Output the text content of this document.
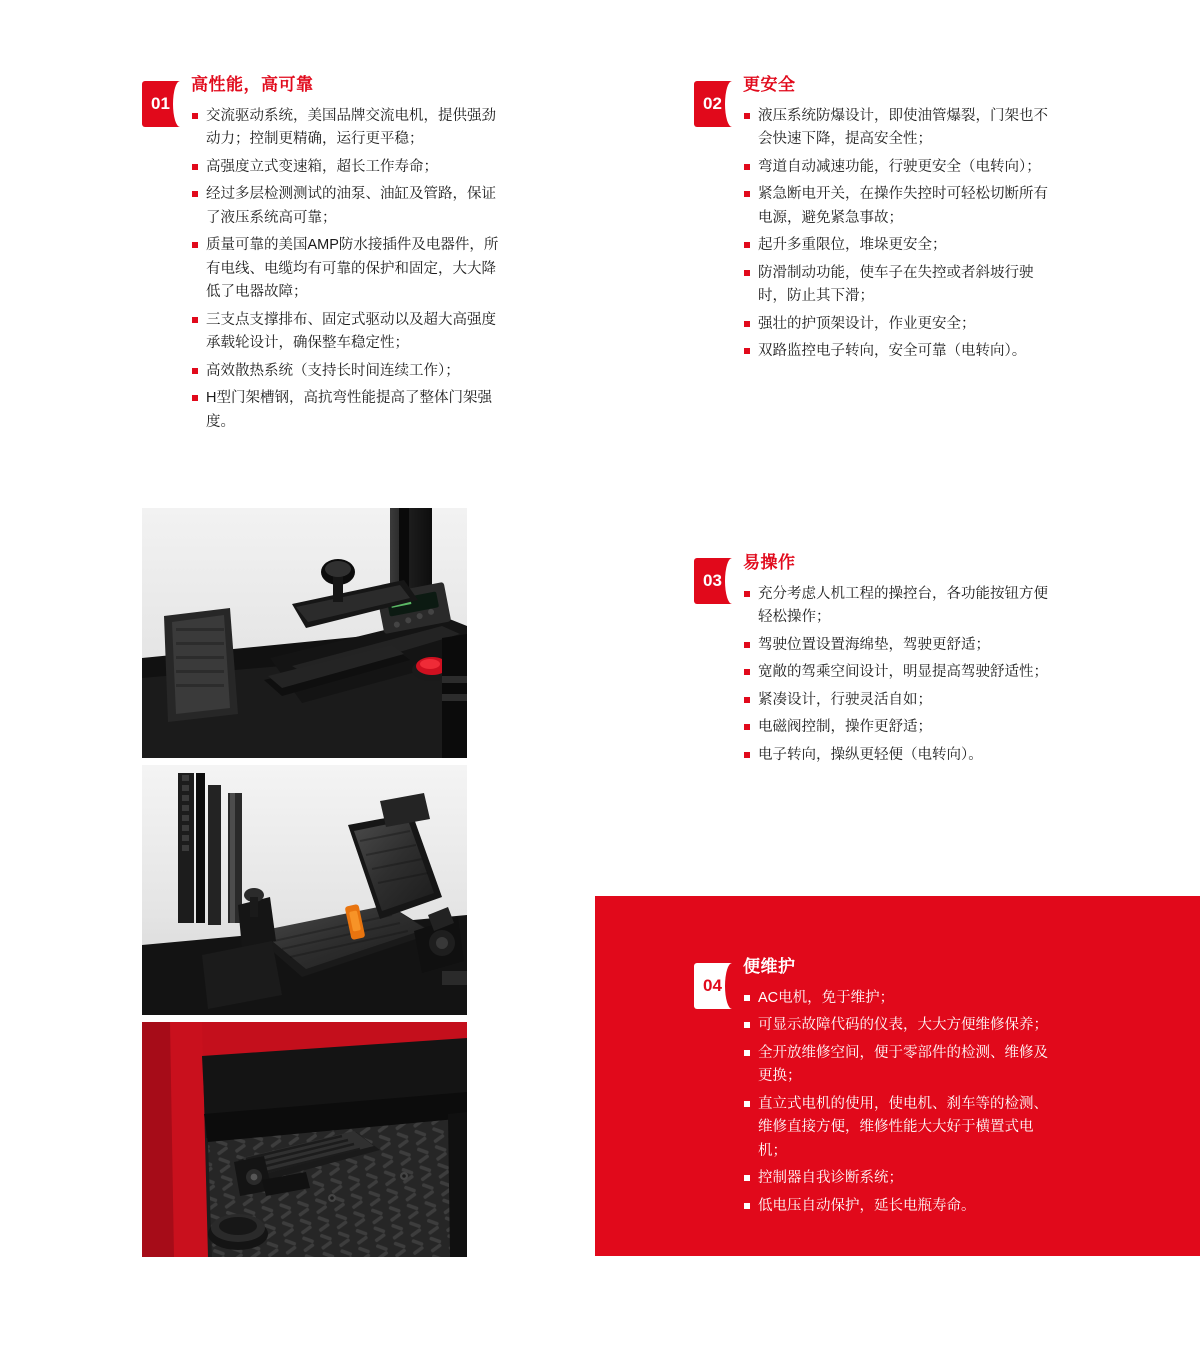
01
高性能，高可靠
交流驱动系统，美国品牌交流电机，提供强劲动力；控制更精确，运行更平稳；
高强度立式变速箱，超长工作寿命；
经过多层检测测试的油泵、油缸及管路，保证了液压系统高可靠；
质量可靠的美国AMP防水接插件及电器件，所有电线、电缆均有可靠的保护和固定，大大降低了电器故障；
三支点支撑排布、固定式驱动以及超大高强度承载轮设计，确保整车稳定性；
高效散热系统（支持长时间连续工作）；
H型门架槽钢，高抗弯性能提高了整体门架强度。
02
更安全
液压系统防爆设计，即使油管爆裂，门架也不会快速下降，提高安全性；
弯道自动减速功能，行驶更安全（电转向）；
紧急断电开关，在操作失控时可轻松切断所有电源，避免紧急事故；
起升多重限位，堆垛更安全；
防滑制动功能，使车子在失控或者斜坡行驶时，防止其下滑；
强壮的护顶架设计，作业更安全；
双路监控电子转向，安全可靠（电转向）。
03
易操作
充分考虑人机工程的操控台，各功能按钮方便轻松操作；
驾驶位置设置海绵垫，驾驶更舒适；
宽敞的驾乘空间设计，明显提高驾驶舒适性；
紧凑设计，行驶灵活自如；
电磁阀控制，操作更舒适；
电子转向，操纵更轻便（电转向）。
04
便维护
AC电机，免于维护；
可显示故障代码的仪表，大大方便维修保养；
全开放维修空间，便于零部件的检测、维修及更换；
直立式电机的使用，使电机、刹车等的检测、维修直接方便，维修性能大大好于横置式电机；
控制器自我诊断系统；
低电压自动保护，延长电瓶寿命。
